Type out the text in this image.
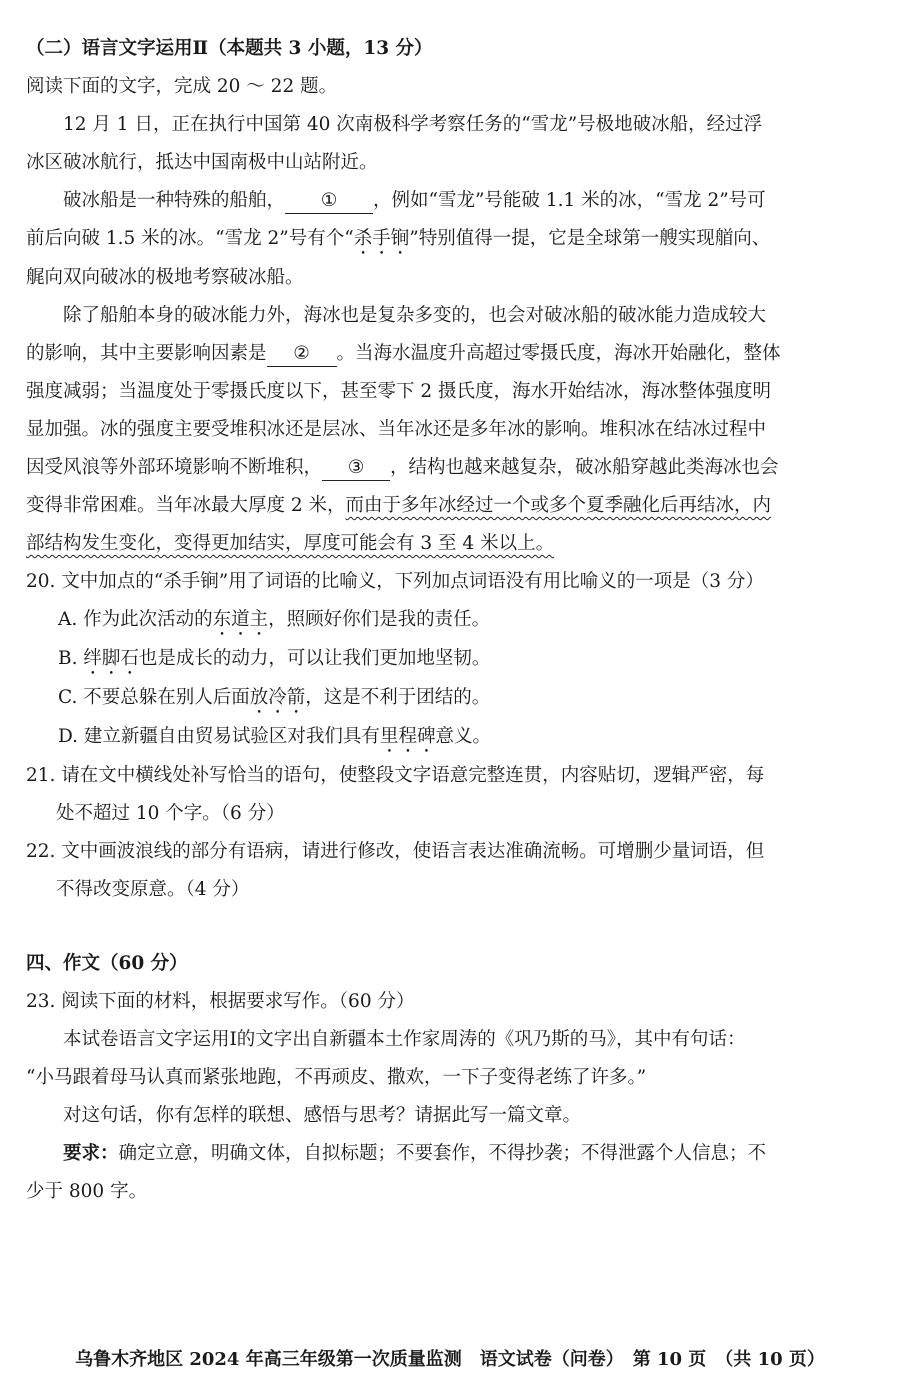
（二）语言文字运用Ⅱ（本题共 3 小题，13 分）
阅读下面的文字，完成 20 ～ 22 题。
12 月 1 日，正在执行中国第 40 次南极科学考察任务的“雪龙”号极地破冰船，经过浮
冰区破冰航行，抵达中国南极中山站附近。
破冰船是一种特殊的船舶， ① ，例如“雪龙”号能破 1.1 米的冰，“雪龙 2”号可
前后向破 1.5 米的冰。“雪龙 2”号有个“杀手锏”特别值得一提，它是全球第一艘实现艏向、
艉向双向破冰的极地考察破冰船。
除了船舶本身的破冰能力外，海冰也是复杂多变的，也会对破冰船的破冰能力造成较大
的影响，其中主要影响因素是 ② 。当海水温度升高超过零摄氏度，海冰开始融化，整体
强度减弱；当温度处于零摄氏度以下，甚至零下 2 摄氏度，海水开始结冰，海冰整体强度明
显加强。冰的强度主要受堆积冰还是层冰、当年冰还是多年冰的影响。堆积冰在结冰过程中
因受风浪等外部环境影响不断堆积， ③ ，结构也越来越复杂，破冰船穿越此类海冰也会
变得非常困难。当年冰最大厚度 2 米，而由于多年冰经过一个或多个夏季融化后再结冰，内
部结构发生变化，变得更加结实，厚度可能会有 3 至 4 米以上。
20. 文中加点的“杀手锏”用了词语的比喻义，下列加点词语没有用比喻义的一项是（3 分）
A. 作为此次活动的东道主，照顾好你们是我的责任。
B. 绊脚石也是成长的动力，可以让我们更加地坚韧。
C. 不要总躲在别人后面放冷箭，这是不利于团结的。
D. 建立新疆自由贸易试验区对我们具有里程碑意义。
21. 请在文中横线处补写恰当的语句，使整段文字语意完整连贯，内容贴切，逻辑严密，每
处不超过 10 个字。（6 分）
22. 文中画波浪线的部分有语病，请进行修改，使语言表达准确流畅。可增删少量词语，但
不得改变原意。（4 分）
四、作文（60 分）
23. 阅读下面的材料，根据要求写作。（60 分）
本试卷语言文字运用Ⅰ的文字出自新疆本土作家周涛的《巩乃斯的马》，其中有句话：
“小马跟着母马认真而紧张地跑，不再顽皮、撒欢，一下子变得老练了许多。”
对这句话，你有怎样的联想、感悟与思考？请据此写一篇文章。
要求：确定立意，明确文体，自拟标题；不要套作，不得抄袭；不得泄露个人信息；不
少于 800 字。
乌鲁木齐地区 2024 年高三年级第一次质量监测　语文试卷（问卷）　第 10 页　（共 10 页）
